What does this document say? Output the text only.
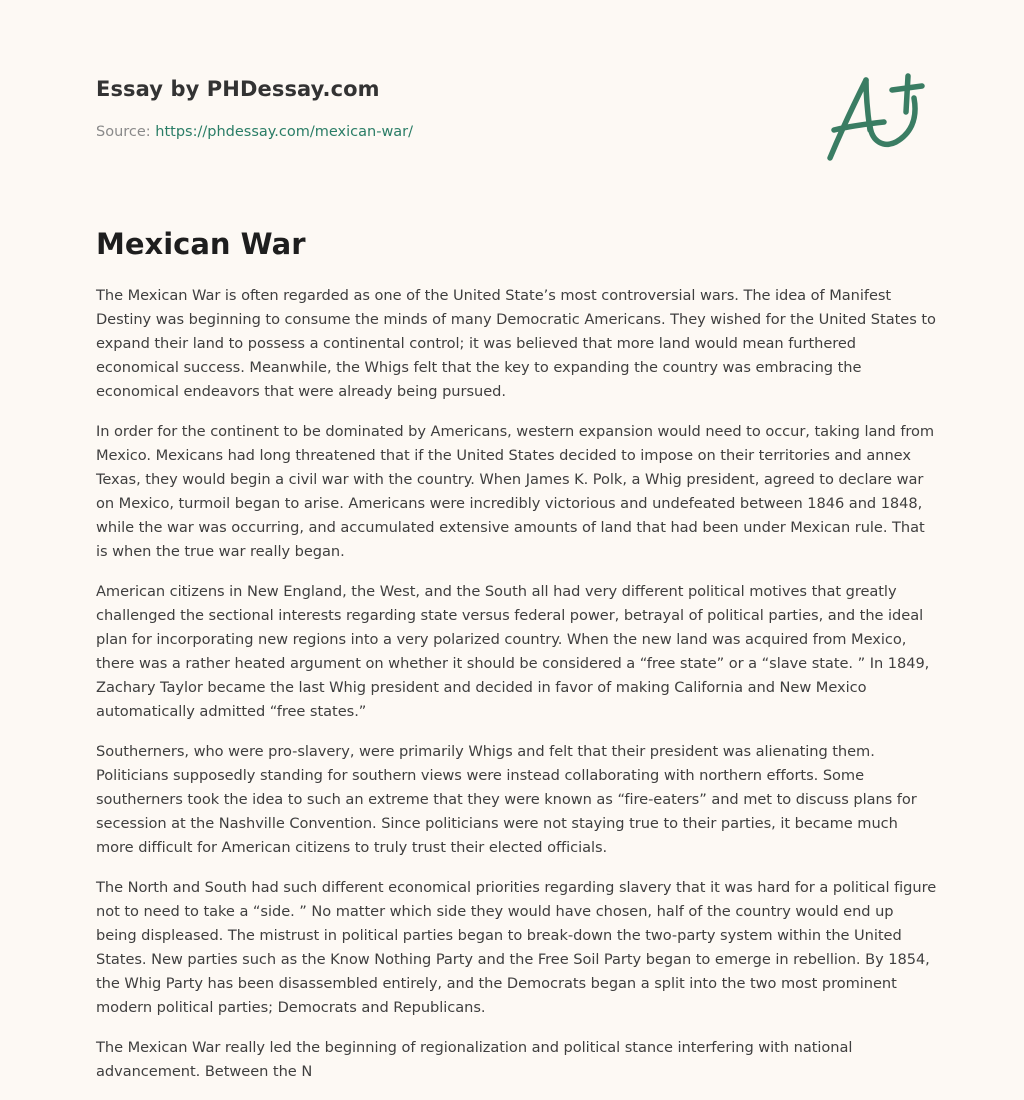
Essay by PHDessay.com
Source: https://phdessay.com/mexican-war/
Mexican War

The Mexican War is often regarded as one of the United State’s most controversial wars. The idea of Manifest Destiny was beginning to consume the minds of many Democratic Americans. They wished for the United States to expand their land to possess a continental control; it was believed that more land would mean furthered economical success. Meanwhile, the Whigs felt that the key to expanding the country was embracing the economical endeavors that were already being pursued.

In order for the continent to be dominated by Americans, western expansion would need to occur, taking land from Mexico. Mexicans had long threatened that if the United States decided to impose on their territories and annex Texas, they would begin a civil war with the country. When James K. Polk, a Whig president, agreed to declare war on Mexico, turmoil began to arise. Americans were incredibly victorious and undefeated between 1846 and 1848, while the war was occurring, and accumulated extensive amounts of land that had been under Mexican rule. That is when the true war really began.

American citizens in New England, the West, and the South all had very different political motives that greatly challenged the sectional interests regarding state versus federal power, betrayal of political parties, and the ideal plan for incorporating new regions into a very polarized country. When the new land was acquired from Mexico, there was a rather heated argument on whether it should be considered a “free state” or a “slave state. ” In 1849, Zachary Taylor became the last Whig president and decided in favor of making California and New Mexico automatically admitted “free states.”

Southerners, who were pro-slavery, were primarily Whigs and felt that their president was alienating them. Politicians supposedly standing for southern views were instead collaborating with northern efforts. Some southerners took the idea to such an extreme that they were known as “fire-eaters” and met to discuss plans for secession at the Nashville Convention. Since politicians were not staying true to their parties, it became much more difficult for American citizens to truly trust their elected officials.

The North and South had such different economical priorities regarding slavery that it was hard for a political figure not to need to take a “side. ” No matter which side they would have chosen, half of the country would end up being displeased. The mistrust in political parties began to break-down the two-party system within the United States. New parties such as the Know Nothing Party and the Free Soil Party began to emerge in rebellion. By 1854, the Whig Party has been disassembled entirely, and the Democrats began a split into the two most prominent modern political parties; Democrats and Republicans.

The Mexican War really led the beginning of regionalization and political stance interfering with national advancement. Between the N
